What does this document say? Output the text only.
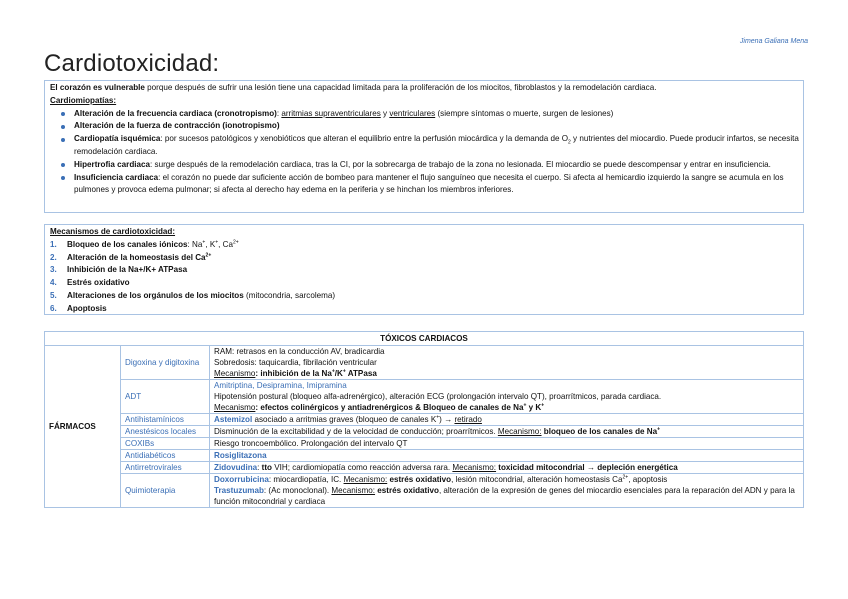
Jimena Galiana Mena
Cardiotoxicidad:
El corazón es vulnerable porque después de sufrir una lesión tiene una capacidad limitada para la proliferación de los miocitos, fibroblastos y la remodelación cardiaca.
Cardiomiopatías:
Alteración de la frecuencia cardiaca (cronotropismo): arritmias supraventriculares y ventriculares (siempre síntomas o muerte, surgen de lesiones)
Alteración de la fuerza de contracción (ionotropismo)
Cardiopatía isquémica: por sucesos patológicos y xenobióticos que alteran el equilibrio entre la perfusión miocárdica y la demanda de $O_2$ y nutrientes del miocardio. Puede producir infartos, se necesita remodelación cardiaca.
Hipertrofia cardiaca: surge después de la remodelación cardiaca, tras la CI, por la sobrecarga de trabajo de la zona no lesionada. El miocardio se puede descompensar y entrar en insuficiencia.
Insuficiencia cardiaca: el corazón no puede dar suficiente acción de bombeo para mantener el flujo sanguíneo que necesita el cuerpo. Si afecta al hemicardio izquierdo la sangre se acumula en los pulmones y provoca edema pulmonar; si afecta al derecho hay edema en la periferia y se hinchan los miembros inferiores.
Mecanismos de cardiotoxicidad:
1.	Bloqueo de los canales iónicos: Na+, K+, $Ca^{2+}$
2.	Alteración de la homeostasis del $Ca^{2+}$
3.	Inhibición de la Na+/K+ ATPasa
4.	Estrés oxidativo
5.	Alteraciones de los orgánulos de los miocitos (mitocondria, sarcolema)
6.	Apoptosis
TÓXICOS CARDIACOS		
FÁRMACOS	Digoxina y digitoxina	RAM: retrasos en la conducción AV, bradicardia
Sobredosis: taquicardia, fibrilación ventricular
Mecanismo: inhibición de la Na+/K+ ATPasa

	ADT	Amitriptina, Desipramina, Imipramina
Hipotensión postural (bloqueo alfa-adrenérgico), alteración ECG (prolongación intervalo QT), proarrítmicos, parada cardiaca.
Mecanismo: efectos colinérgicos y antiadrenérgicos & Bloqueo de canales de Na+ y K+

	Antihistamínicos	Astemizol asociado a arritmias graves (bloqueo de canales K+) → retirado
	Anestésicos locales	Disminución de la excitabilidad y de la velocidad de conducción; proarrítmicos. Mecanismo: bloqueo de los canales de Na+
	COXIBs	Riesgo troncoembólico. Prolongación del intervalo QT
	Antidiabéticos	Rosiglitazona
	Antirretrovirales	Zidovudina: tto VIH; cardiomiopatía como reacción adversa rara. Mecanismo: toxicidad mitocondrial → depleción energética
	Quimioterapia	Doxorrubicina: miocardiopatía, IC. Mecanismo: estrés oxidativo, lesión mitocondrial, alteración homeostasis $Ca^{2+}$, apoptosis
Trastuzumab: (Ac monoclonal). Mecanismo: estrés oxidativo, alteración de la expresión de genes del miocardio esenciales para la reparación del ADN y para la función mitocondrial y cardiaca
